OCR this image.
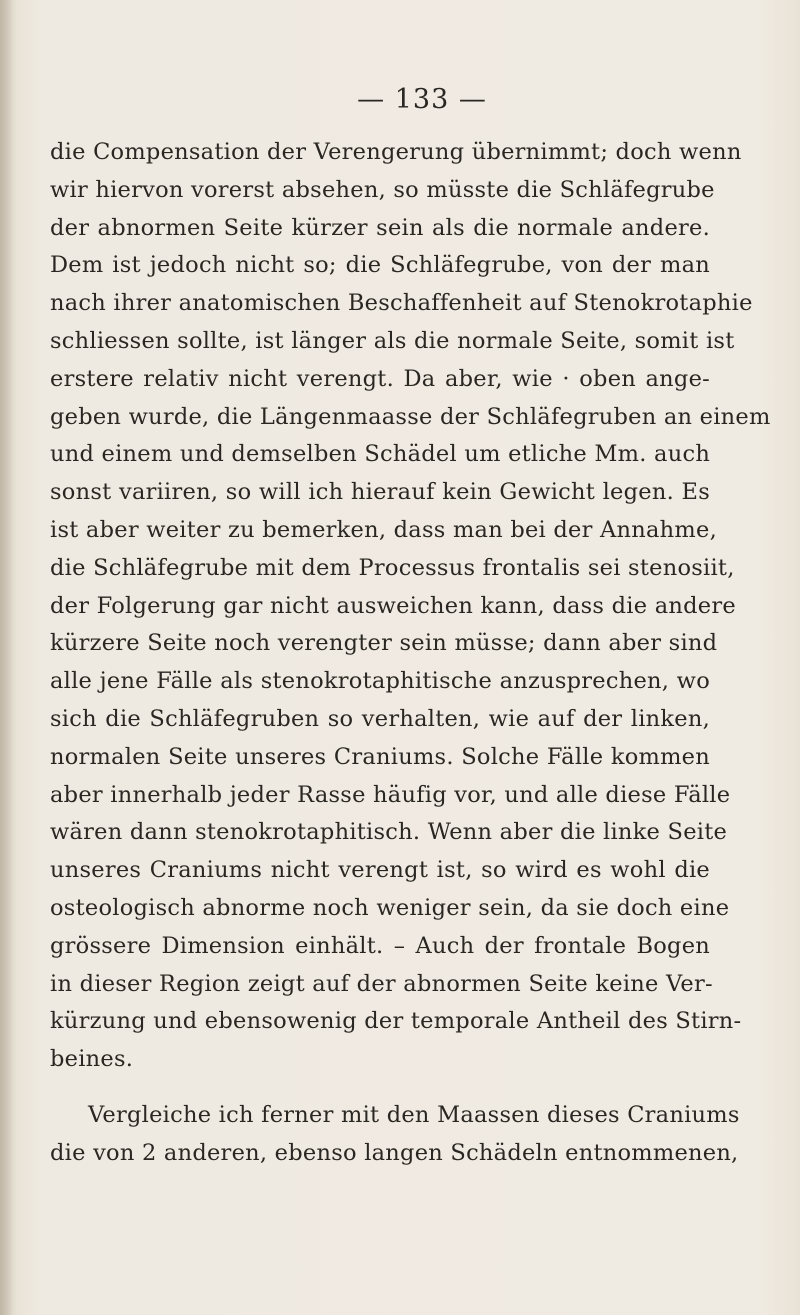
— 133 —
die Compensation der Verengerung übernimmt; doch wenn
wir hiervon vorerst absehen, so müsste die Schläfegrube
der abnormen Seite kürzer sein als die normale andere.
Dem ist jedoch nicht so; die Schläfegrube, von der man
nach ihrer anatomischen Beschaffenheit auf Stenokrotaphie
schliessen sollte, ist länger als die normale Seite, somit ist
erstere relativ nicht verengt. Da aber, wie · oben ange-
geben wurde, die Längenmaasse der Schläfegruben an einem
und einem und demselben Schädel um etliche Mm. auch
sonst variiren, so will ich hierauf kein Gewicht legen. Es
ist aber weiter zu bemerken, dass man bei der Annahme,
die Schläfegrube mit dem Processus frontalis sei stenosiit,
der Folgerung gar nicht ausweichen kann, dass die andere
kürzere Seite noch verengter sein müsse; dann aber sind
alle jene Fälle als stenokrotaphitische anzusprechen, wo
sich die Schläfegruben so verhalten, wie auf der linken,
normalen Seite unseres Craniums. Solche Fälle kommen
aber innerhalb jeder Rasse häufig vor, und alle diese Fälle
wären dann stenokrotaphitisch. Wenn aber die linke Seite
unseres Craniums nicht verengt ist, so wird es wohl die
osteologisch abnorme noch weniger sein, da sie doch eine
grössere Dimension einhält. – Auch der frontale Bogen
in dieser Region zeigt auf der abnormen Seite keine Ver-
kürzung und ebensowenig der temporale Antheil des Stirn-
beines.
Vergleiche ich ferner mit den Maassen dieses Craniums
die von 2 anderen, ebenso langen Schädeln entnommenen,
